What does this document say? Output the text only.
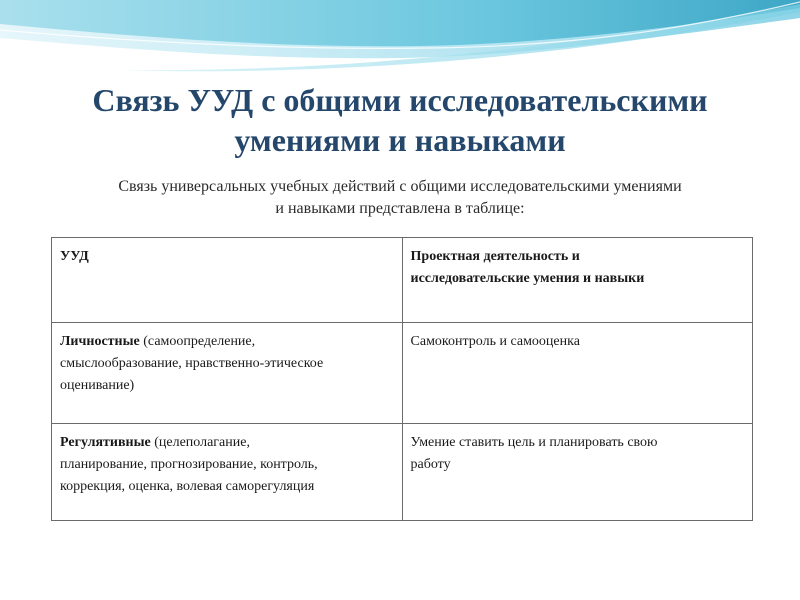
Связь УУД с общими исследовательскими
умениями и навыками
Связь универсальных учебных действий с общими исследовательскими умениями
и навыками представлена в таблице:
УУД	Проектная деятельность и
исследовательские умения и навыки

Личностные (самоопределение,
смыслообразование, нравственно-этическое
оценивание)	Самоконтроль и самооценка

Регулятивные (целеполагание,
планирование, прогнозирование, контроль,
коррекция, оценка, волевая саморегуляция	Умение ставить цель и планировать свою
работу
